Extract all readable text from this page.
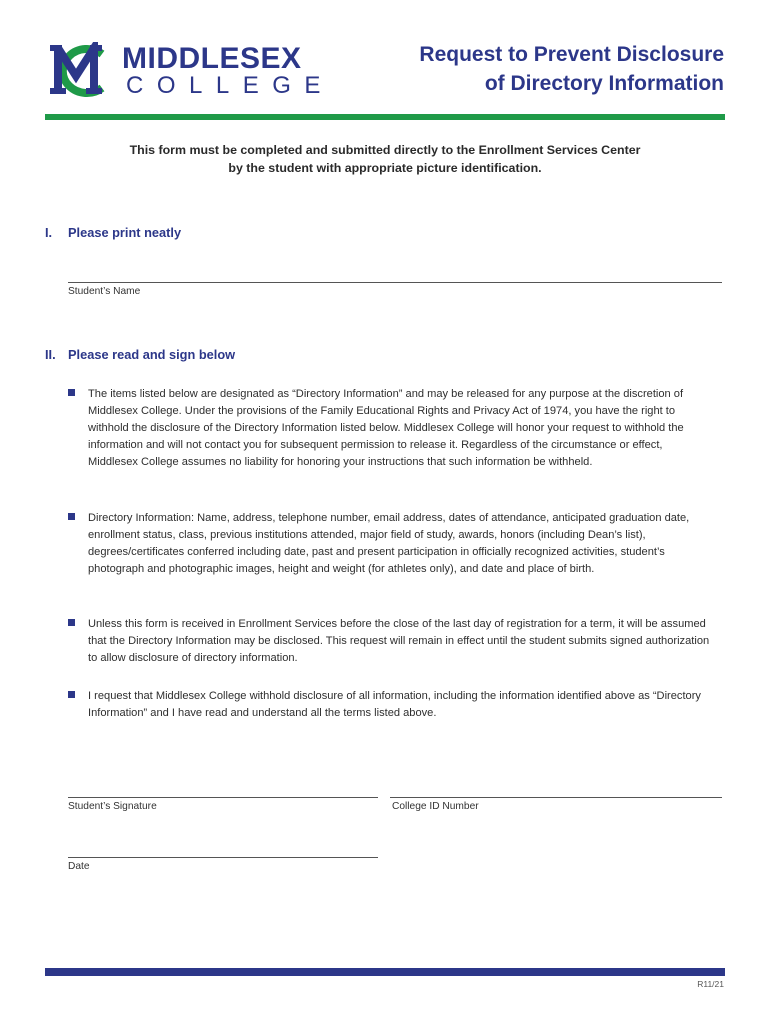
MIDDLESEX
COLLEGE
Request to Prevent Disclosure
of Directory Information
This form must be completed and submitted directly to the Enrollment Services Center
by the student with appropriate picture identification.
I. Please print neatly
Student’s Name
II. Please read and sign below
The items listed below are designated as “Directory Information” and may be released for any purpose at the discretion of Middlesex College. Under the provisions of the Family Educational Rights and Privacy Act of 1974, you have the right to withhold the disclosure of the Directory Information listed below. Middlesex College will honor your request to withhold the information and will not contact you for subsequent permission to release it. Regardless of the circumstance or effect, Middlesex College assumes no liability for honoring your instructions that such information be withheld.
Directory Information: Name, address, telephone number, email address, dates of attendance, anticipated graduation date, enrollment status, class, previous institutions attended, major field of study, awards, honors (including Dean’s list), degrees/certificates conferred including date, past and present participation in officially recognized activities, student’s photograph and photographic images, height and weight (for athletes only), and date and place of birth.
Unless this form is received in Enrollment Services before the close of the last day of registration for a term, it will be assumed that the Directory Information may be disclosed. This request will remain in effect until the student submits signed authorization to allow disclosure of directory information.
I request that Middlesex College withhold disclosure of all information, including the information identified above as “Directory Information” and I have read and understand all the terms listed above.
Student’s Signature	College ID Number
Date
R11/21
